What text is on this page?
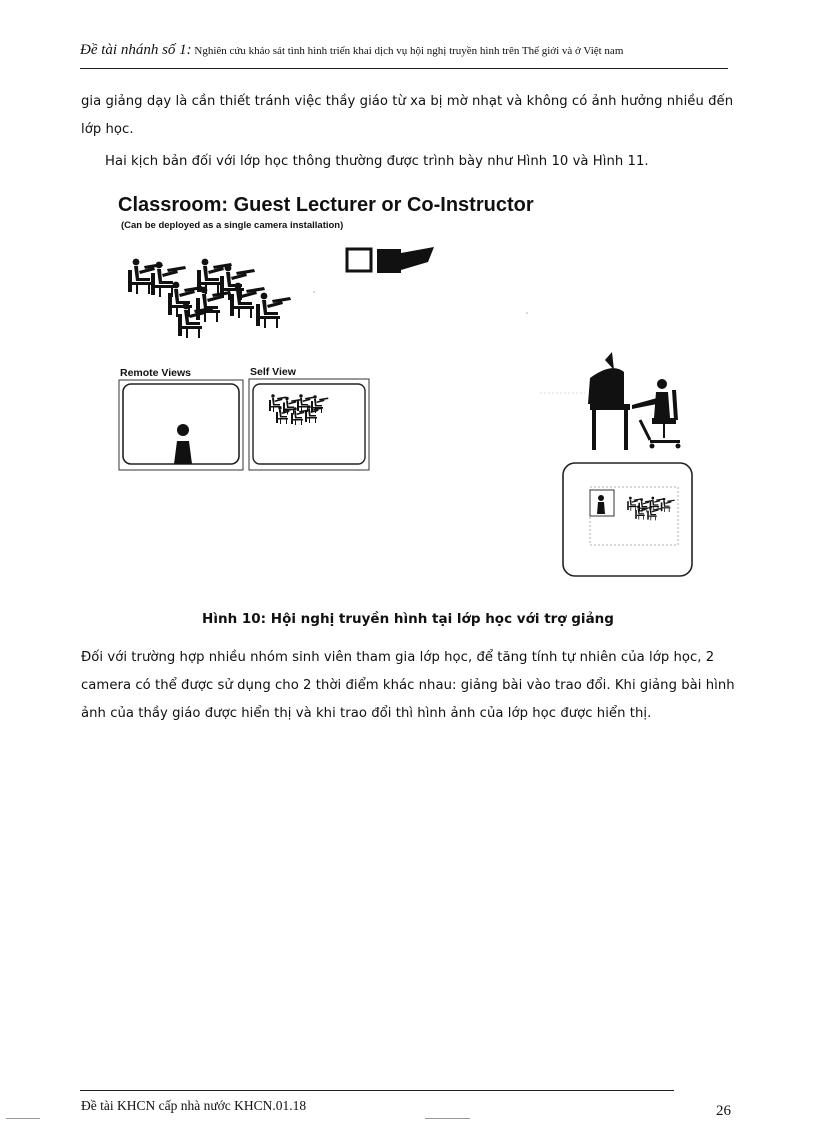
Đề tài nhánh số 1: Nghiên cứu khảo sát tình hình triển khai dịch vụ hội nghị truyền hình trên Thế giới và ở Việt nam
gia giảng dạy là cần thiết tránh việc thầy giáo từ xa bị mờ nhạt và không có ảnh hưởng nhiều đến lớp học.
Hai kịch bản đối với lớp học thông thường được trình bày như Hình 10 và Hình 11.
Classroom: Guest Lecturer or Co-Instructor
(Can be deployed as a single camera installation)
Remote Views	Self View
Hình 10: Hội nghị truyền hình tại lớp học với trợ giảng
Đối với trường hợp nhiều nhóm sinh viên tham gia lớp học, để tăng tính tự nhiên của lớp học, 2 camera có thể được sử dụng cho 2 thời điểm khác nhau: giảng bài vào trao đổi. Khi giảng bài hình ảnh của thầy giáo được hiển thị và khi trao đổi thì hình ảnh của lớp học được hiển thị.
Đề tài KHCN cấp nhà nước KHCN.01.18	26
